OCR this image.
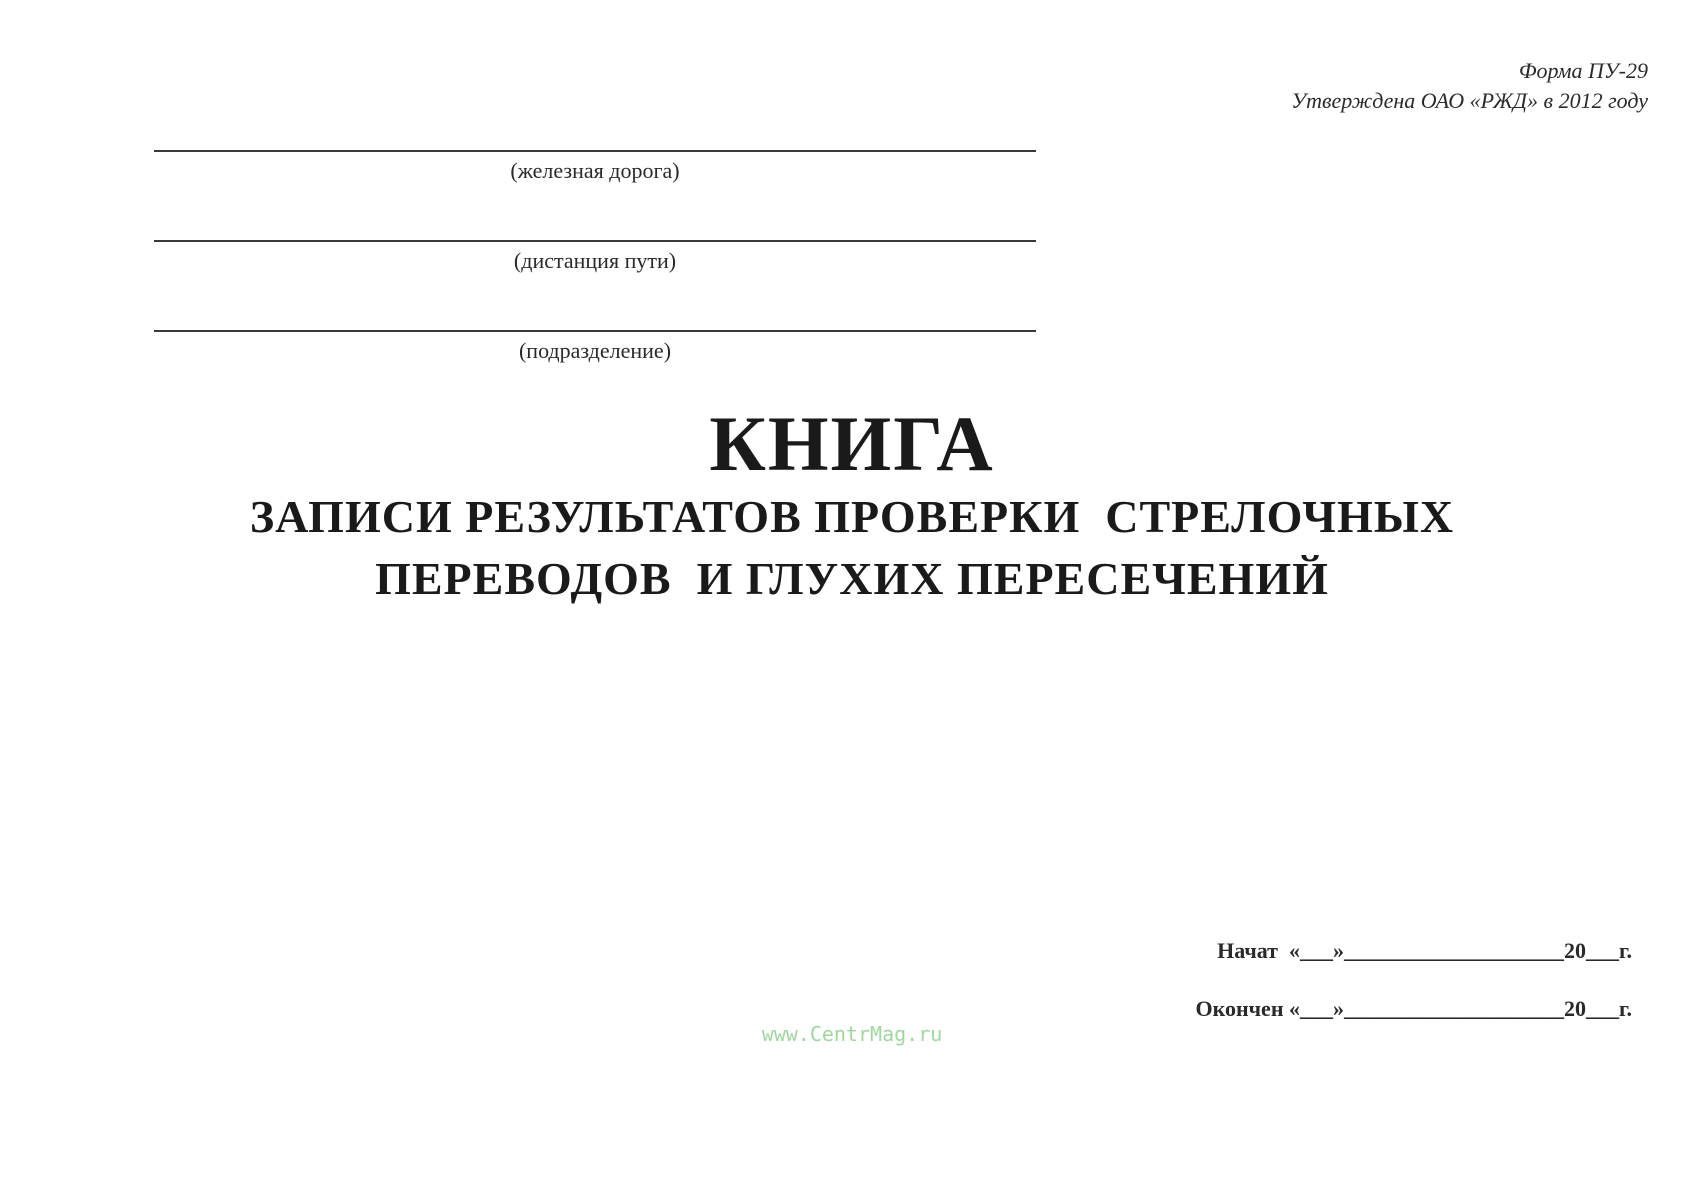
Форма ПУ-29
Утверждена ОАО «РЖД» в 2012 году
(железная дорога)
(дистанция пути)
(подразделение)
КНИГА
ЗАПИСИ РЕЗУЛЬТАТОВ ПРОВЕРКИ  СТРЕЛОЧНЫХ
ПЕРЕВОДОВ  И ГЛУХИХ ПЕРЕСЕЧЕНИЙ
Начат  «___»____________________20___г.
Окончен «___»____________________20___г.
www.CentrMag.ru
